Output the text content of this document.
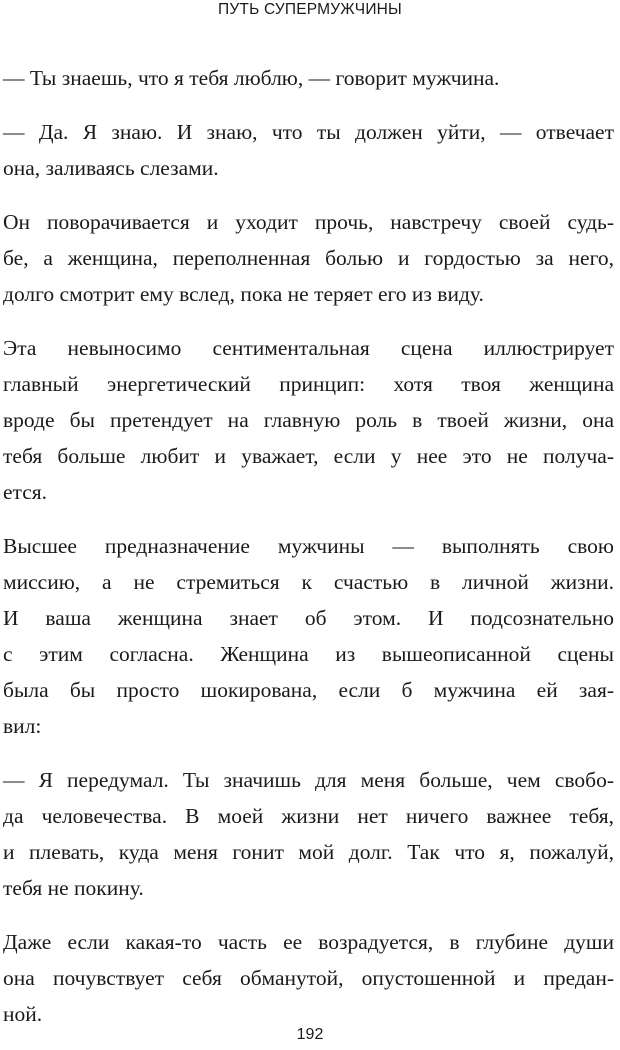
ПУТЬ СУПЕРМУЖЧИНЫ

— Ты знаешь, что я тебя люблю, — говорит мужчина.

— Да. Я знаю. И знаю, что ты должен уйти, — отвечает
она, заливаясь слезами.

Он поворачивается и уходит прочь, навстречу своей судь-
бе, а женщина, переполненная болью и гордостью за него,
долго смотрит ему вслед, пока не теряет его из виду.

Эта невыносимо сентиментальная сцена иллюстрирует
главный энергетический принцип: хотя твоя женщина
вроде бы претендует на главную роль в твоей жизни, она
тебя больше любит и уважает, если у нее это не получа-
ется.

Высшее предназначение мужчины — выполнять свою
миссию, а не стремиться к счастью в личной жизни.
И ваша женщина знает об этом. И подсознательно
с этим согласна. Женщина из вышеописанной сцены
была бы просто шокирована, если б мужчина ей зая-
вил:

— Я передумал. Ты значишь для меня больше, чем свобо-
да человечества. В моей жизни нет ничего важнее тебя,
и плевать, куда меня гонит мой долг. Так что я, пожалуй,
тебя не покину.

Даже если какая-то часть ее возрадуется, в глубине души
она почувствует себя обманутой, опустошенной и предан-
ной.

192
